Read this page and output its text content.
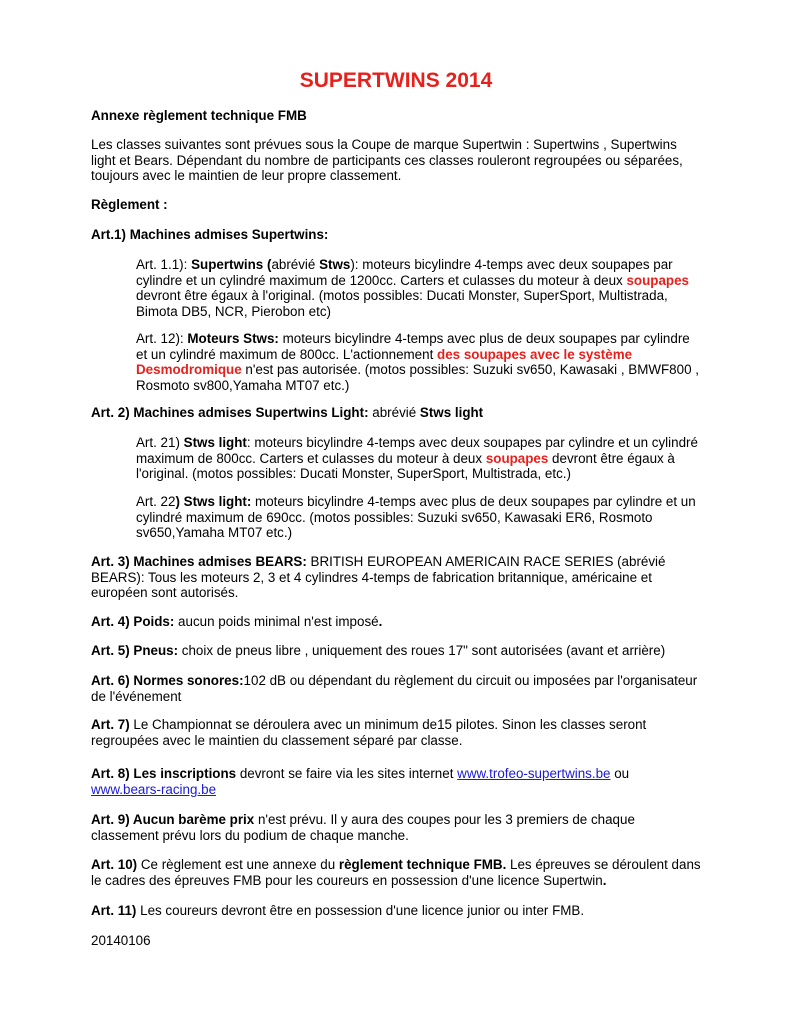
SUPERTWINS 2014

Annexe règlement technique FMB

Les classes suivantes sont prévues sous la Coupe de marque Supertwin : Supertwins , Supertwins light et Bears. Dépendant du nombre de participants ces classes rouleront regroupées ou séparées, toujours avec le maintien de leur propre classement.

Règlement :

Art.1) Machines admises Supertwins:

Art. 1.1): Supertwins (abrévié Stws): moteurs bicylindre 4-temps avec deux soupapes par cylindre et un cylindré maximum de 1200cc. Carters et culasses du moteur à deux soupapes devront être égaux à l'original. (motos possibles: Ducati Monster, SuperSport, Multistrada, Bimota DB5, NCR, Pierobon etc)

Art. 12): Moteurs Stws: moteurs bicylindre 4-temps avec plus de deux soupapes par cylindre et un cylindré maximum de 800cc. L'actionnement des soupapes avec le système Desmodromique n'est pas autorisée. (motos possibles: Suzuki sv650, Kawasaki , BMWF800 , Rosmoto sv800,Yamaha MT07 etc.)

Art. 2) Machines admises Supertwins Light: abrévié Stws light

Art. 21) Stws light: moteurs bicylindre 4-temps avec deux soupapes par cylindre et un cylindré maximum de 800cc. Carters et culasses du moteur à deux soupapes devront être égaux à l'original. (motos possibles: Ducati Monster, SuperSport, Multistrada, etc.)

Art. 22) Stws light: moteurs bicylindre 4-temps avec plus de deux soupapes par cylindre et un cylindré maximum de 690cc. (motos possibles: Suzuki sv650, Kawasaki ER6, Rosmoto sv650,Yamaha MT07 etc.)

Art. 3) Machines admises BEARS: BRITISH EUROPEAN AMERICAIN RACE SERIES (abrévié BEARS): Tous les moteurs 2, 3 et 4 cylindres 4-temps de fabrication britannique, américaine et européen sont autorisés.

Art. 4) Poids: aucun poids minimal n'est imposé.

Art. 5) Pneus: choix de pneus libre , uniquement des roues 17" sont autorisées (avant et arrière)

Art. 6) Normes sonores:102 dB ou dépendant du règlement du circuit ou imposées par l'organisateur de l'événement

Art. 7) Le Championnat se déroulera avec un minimum de15 pilotes. Sinon les classes seront regroupées avec le maintien du classement séparé par classe.

Art. 8) Les inscriptions devront se faire via les sites internet www.trofeo-supertwins.be ou www.bears-racing.be

Art. 9) Aucun barème prix n'est prévu. Il y aura des coupes pour les 3 premiers de chaque classement prévu lors du podium de chaque manche.

Art. 10) Ce règlement est une annexe du règlement technique FMB. Les épreuves se déroulent dans le cadres des épreuves FMB pour les coureurs en possession d'une licence Supertwin.

Art. 11) Les coureurs devront être en possession d'une licence junior ou inter FMB.

20140106
